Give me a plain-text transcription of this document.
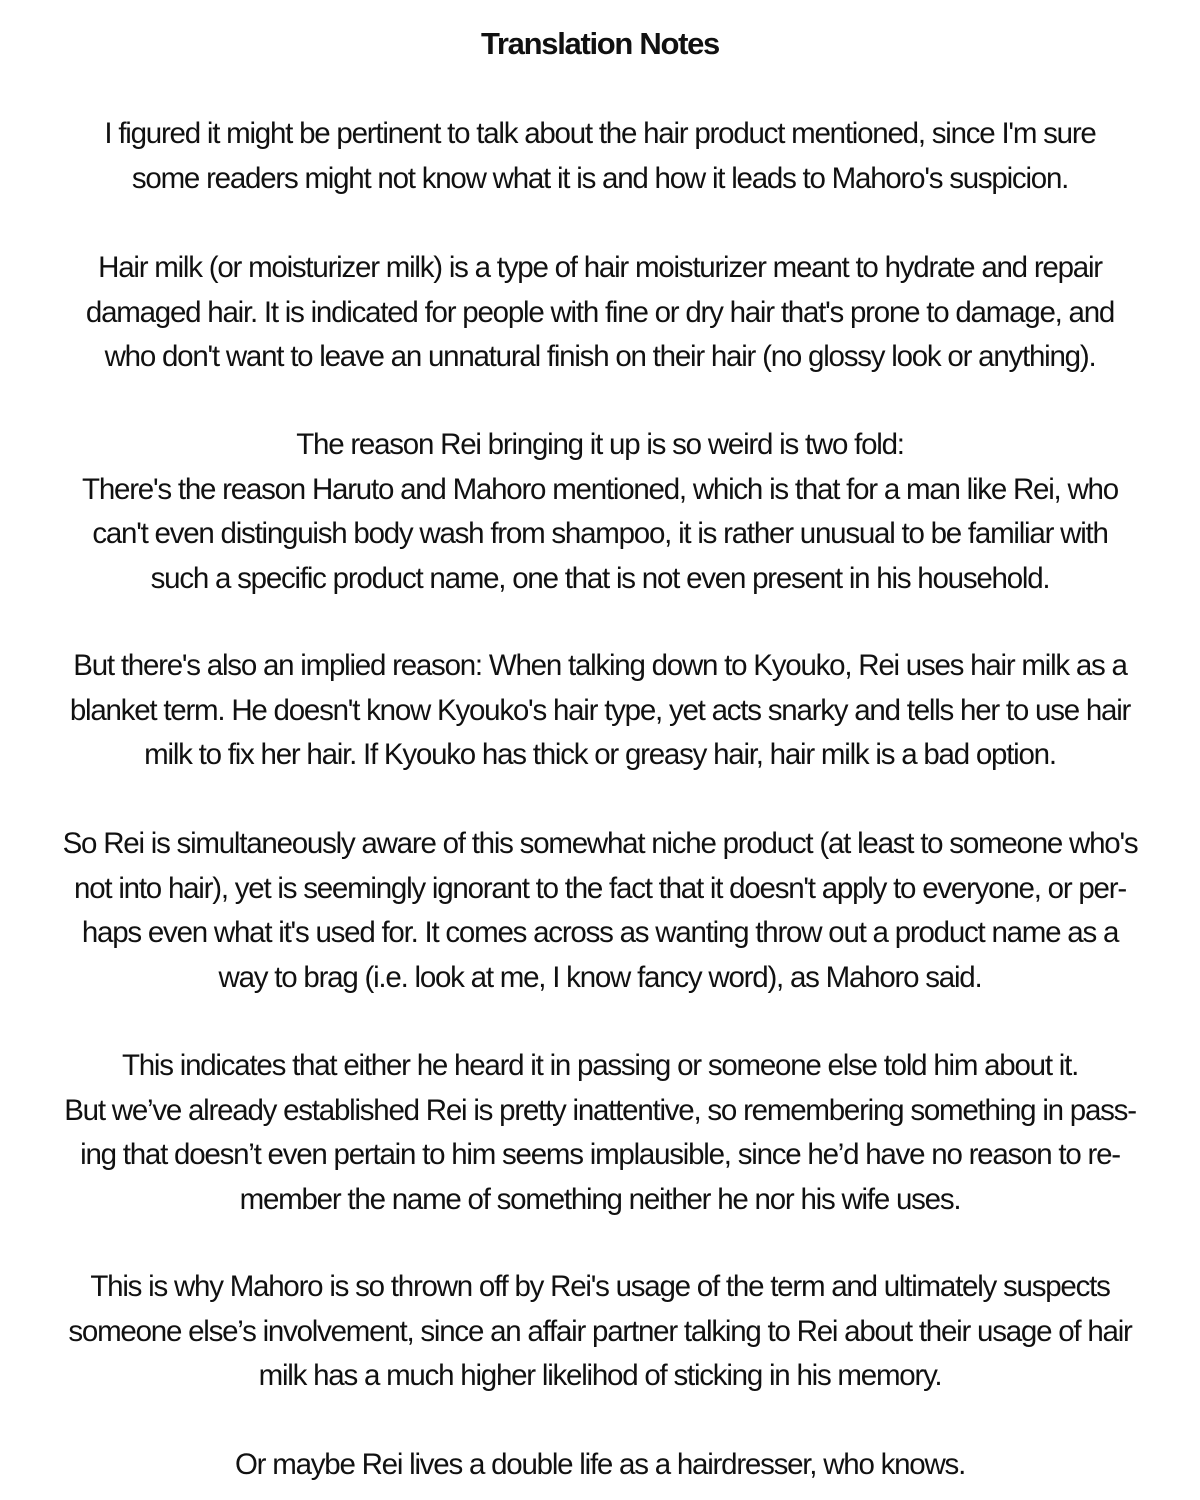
Translation Notes
I figured it might be pertinent to talk about the hair product mentioned, since I'm sure
some readers might not know what it is and how it leads to Mahoro's suspicion.
Hair milk (or moisturizer milk) is a type of hair moisturizer meant to hydrate and repair
damaged hair. It is indicated for people with fine or dry hair that's prone to damage, and
who don't want to leave an unnatural finish on their hair (no glossy look or anything).
The reason Rei bringing it up is so weird is two fold:
There's the reason Haruto and Mahoro mentioned, which is that for a man like Rei, who
can't even distinguish body wash from shampoo, it is rather unusual to be familiar with
such a specific product name, one that is not even present in his household.
But there's also an implied reason: When talking down to Kyouko, Rei uses hair milk as a
blanket term. He doesn't know Kyouko's hair type, yet acts snarky and tells her to use hair
milk to fix her hair. If Kyouko has thick or greasy hair, hair milk is a bad option.
So Rei is simultaneously aware of this somewhat niche product (at least to someone who's
not into hair), yet is seemingly ignorant to the fact that it doesn't apply to everyone, or per-
haps even what it's used for. It comes across as wanting throw out a product name as a
way to brag (i.e. look at me, I know fancy word), as Mahoro said.
This indicates that either he heard it in passing or someone else told him about it.
But we’ve already established Rei is pretty inattentive, so remembering something in pass-
ing that doesn’t even pertain to him seems implausible, since he’d have no reason to re-
member the name of something neither he nor his wife uses.
This is why Mahoro is so thrown off by Rei's usage of the term and ultimately suspects
someone else’s involvement, since an affair partner talking to Rei about their usage of hair
milk has a much higher likelihod of sticking in his memory.
Or maybe Rei lives a double life as a hairdresser, who knows.
